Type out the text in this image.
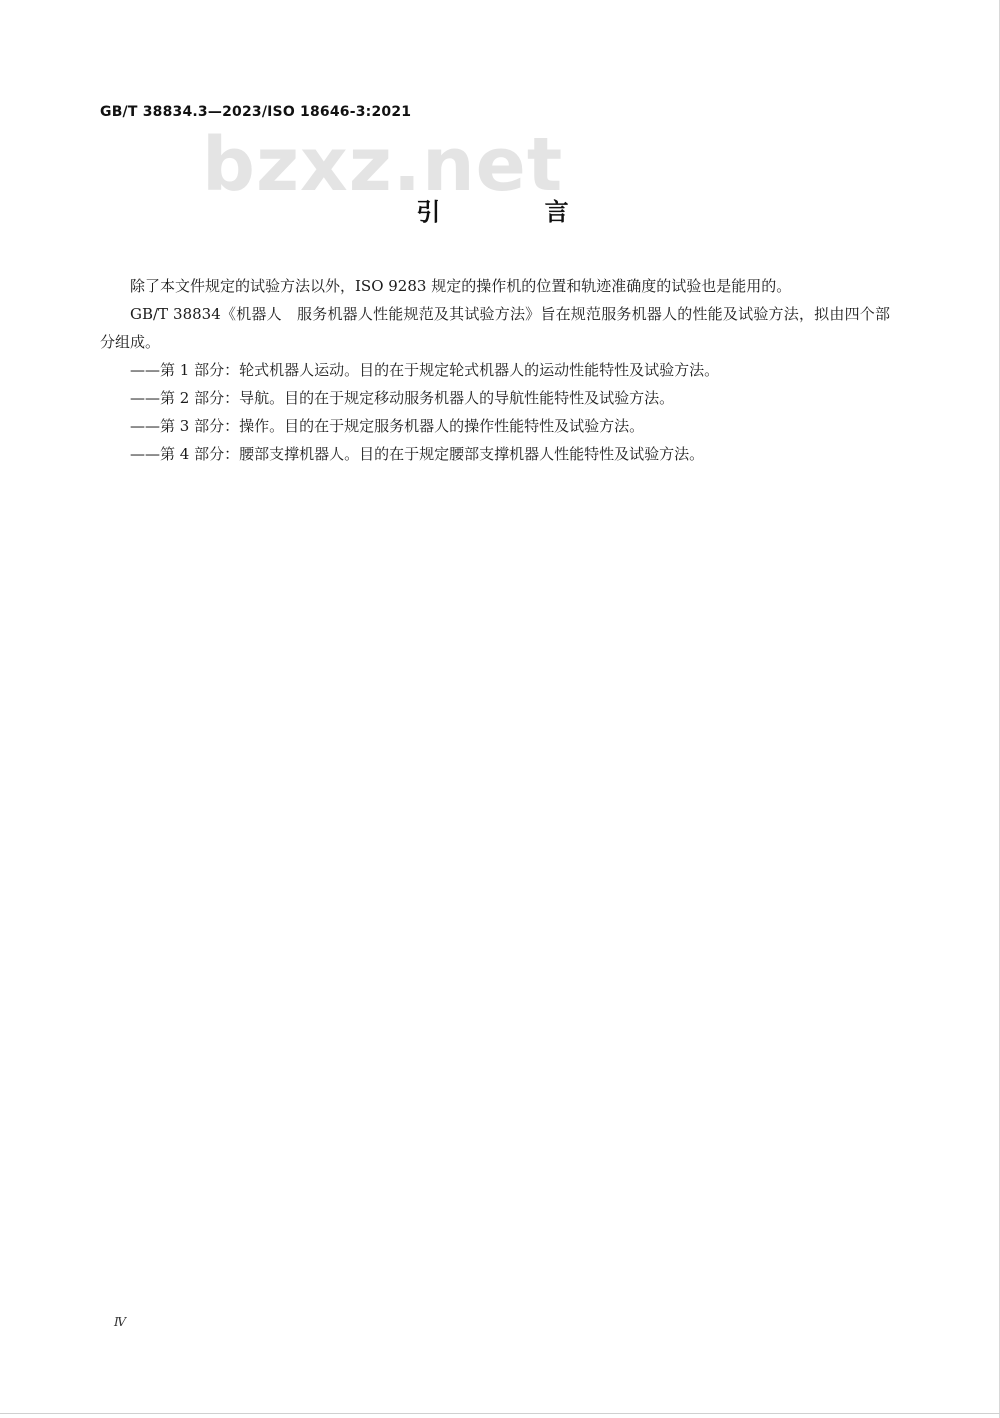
GB/T 38834.3—2023/ISO 18646-3:2021
bzxz.net
引 言

除了本文件规定的试验方法以外，ISO 9283 规定的操作机的位置和轨迹准确度的试验也是能用的。

GB/T 38834《机器人　服务机器人性能规范及其试验方法》旨在规范服务机器人的性能及试验方法，拟由四个部分组成。

——第 1 部分：轮式机器人运动。目的在于规定轮式机器人的运动性能特性及试验方法。

——第 2 部分：导航。目的在于规定移动服务机器人的导航性能特性及试验方法。

——第 3 部分：操作。目的在于规定服务机器人的操作性能特性及试验方法。

——第 4 部分：腰部支撑机器人。目的在于规定腰部支撑机器人性能特性及试验方法。

Ⅳ
